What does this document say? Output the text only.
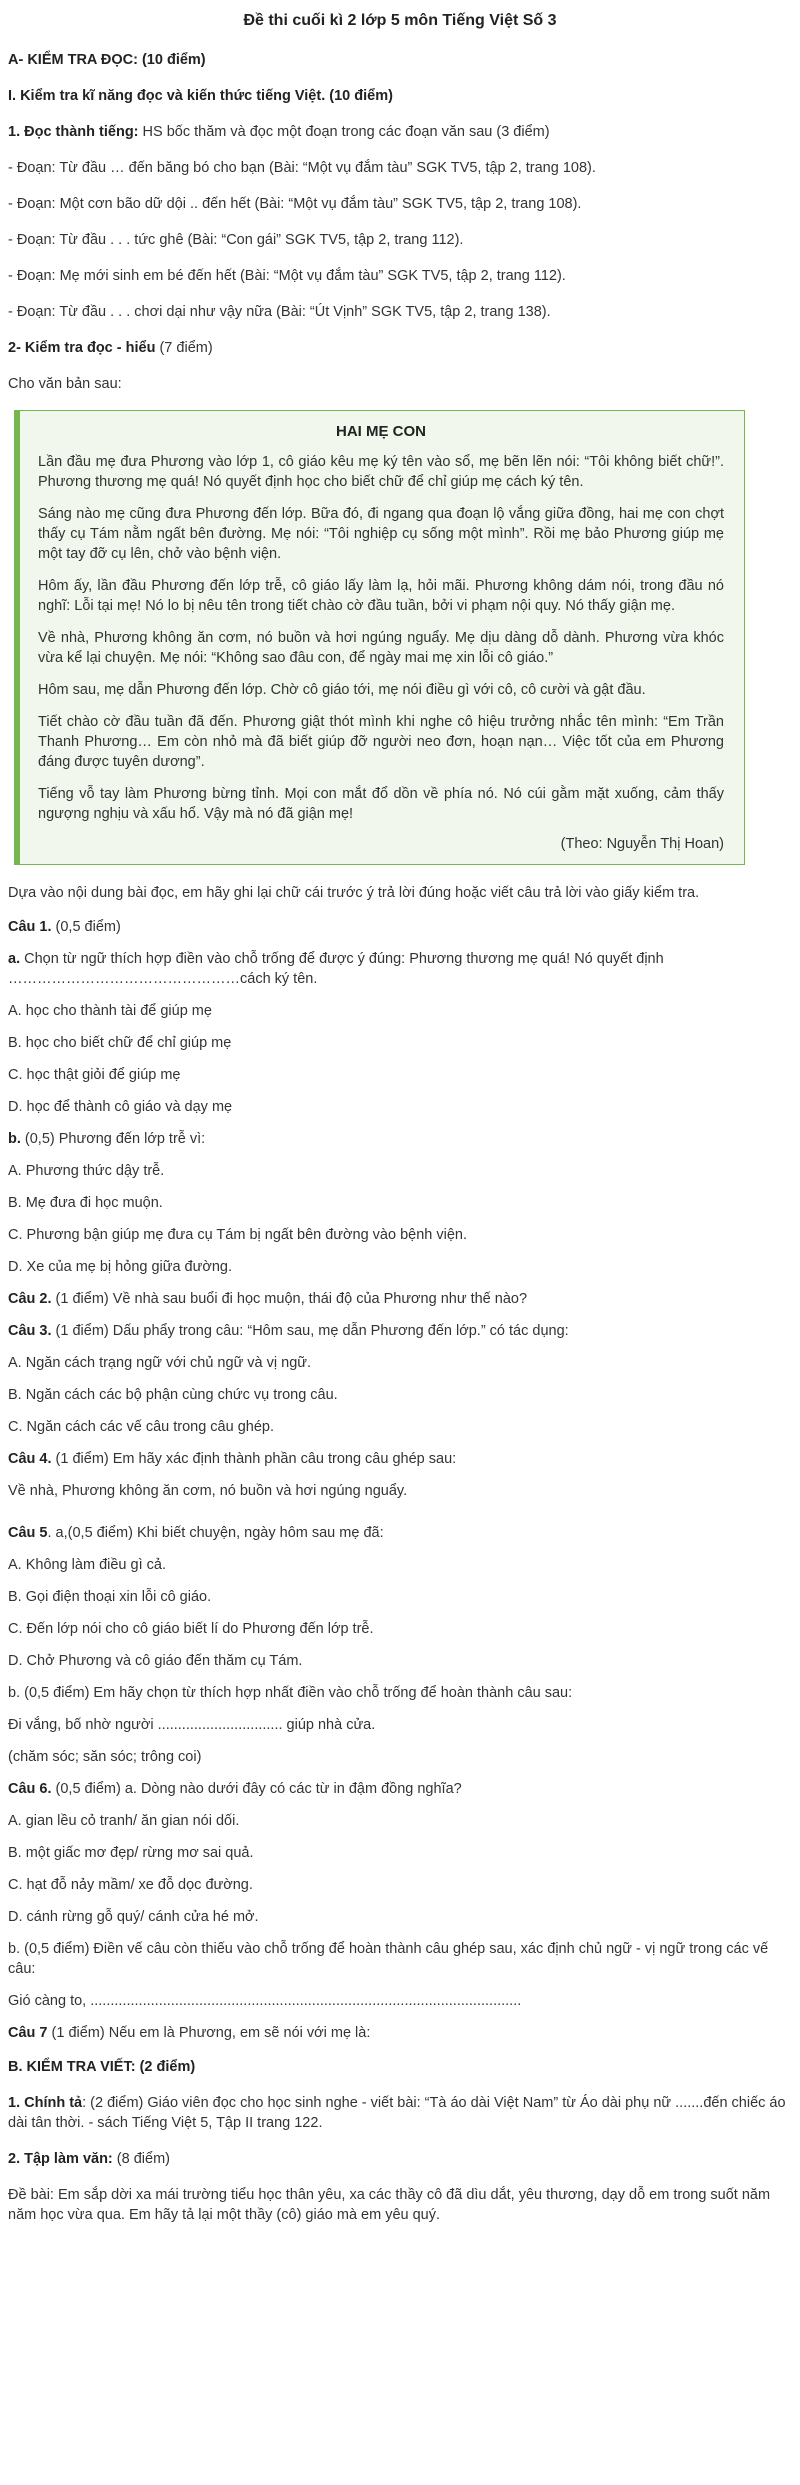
Đề thi cuối kì 2 lớp 5 môn Tiếng Việt Số 3

A- KIỂM TRA ĐỌC: (10 điểm)

I. Kiểm tra kĩ năng đọc và kiến thức tiếng Việt. (10 điểm)

1. Đọc thành tiếng: HS bốc thăm và đọc một đoạn trong các đoạn văn sau (3 điểm)

- Đoạn: Từ đầu … đến băng bó cho bạn (Bài: “Một vụ đắm tàu” SGK TV5, tập 2, trang 108).

- Đoạn: Một cơn bão dữ dội .. đến hết (Bài: “Một vụ đắm tàu” SGK TV5, tập 2, trang 108).

- Đoạn: Từ đầu . . . tức ghê (Bài: “Con gái” SGK TV5, tập 2, trang 112).

- Đoạn: Mẹ mới sinh em bé đến hết (Bài: “Một vụ đắm tàu” SGK TV5, tập 2, trang 112).

- Đoạn: Từ đầu . . . chơi dại như vậy nữa (Bài: “Út Vịnh” SGK TV5, tập 2, trang 138).

2- Kiểm tra đọc - hiểu (7 điểm)

Cho văn bản sau:

HAI MẸ CON

Lần đầu mẹ đưa Phương vào lớp 1, cô giáo kêu mẹ ký tên vào sổ, mẹ bẽn lẽn nói: “Tôi không biết chữ!”. Phương thương mẹ quá! Nó quyết định học cho biết chữ để chỉ giúp mẹ cách ký tên.

Sáng nào mẹ cũng đưa Phương đến lớp. Bữa đó, đi ngang qua đoạn lộ vắng giữa đồng, hai mẹ con chợt thấy cụ Tám nằm ngất bên đường. Mẹ nói: “Tôi nghiệp cụ sống một mình”. Rồi mẹ bảo Phương giúp mẹ một tay đỡ cụ lên, chở vào bệnh viện.

Hôm ấy, lần đầu Phương đến lớp trễ, cô giáo lấy làm lạ, hỏi mãi. Phương không dám nói, trong đầu nó nghĩ: Lỗi tại mẹ! Nó lo bị nêu tên trong tiết chào cờ đầu tuần, bởi vi phạm nội quy. Nó thấy giận mẹ.

Về nhà, Phương không ăn cơm, nó buồn và hơi ngúng nguẩy. Mẹ dịu dàng dỗ dành. Phương vừa khóc vừa kể lại chuyện. Mẹ nói: “Không sao đâu con, để ngày mai mẹ xin lỗi cô giáo.”

Hôm sau, mẹ dẫn Phương đến lớp. Chờ cô giáo tới, mẹ nói điều gì với cô, cô cười và gật đầu.

Tiết chào cờ đầu tuần đã đến. Phương giật thót mình khi nghe cô hiệu trưởng nhắc tên mình: “Em Trần Thanh Phương… Em còn nhỏ mà đã biết giúp đỡ người neo đơn, hoạn nạn… Việc tốt của em Phương đáng được tuyên dương”.

Tiếng vỗ tay làm Phương bừng tỉnh. Mọi con mắt đổ dồn về phía nó. Nó cúi gằm mặt xuống, cảm thấy ngượng nghịu và xấu hổ. Vậy mà nó đã giận mẹ!

(Theo: Nguyễn Thị Hoan)

Dựa vào nội dung bài đọc, em hãy ghi lại chữ cái trước ý trả lời đúng hoặc viết câu trả lời vào giấy kiểm tra.

Câu 1. (0,5 điểm)

a. Chọn từ ngữ thích hợp điền vào chỗ trống để được ý đúng: Phương thương mẹ quá! Nó quyết định …………………………………………cách ký tên.

A. học cho thành tài để giúp mẹ

B. học cho biết chữ để chỉ giúp mẹ

C. học thật giỏi để giúp mẹ

D. học để thành cô giáo và dạy mẹ

b. (0,5) Phương đến lớp trễ vì:

A. Phương thức dậy trễ.

B. Mẹ đưa đi học muộn.

C. Phương bận giúp mẹ đưa cụ Tám bị ngất bên đường vào bệnh viện.

D. Xe của mẹ bị hỏng giữa đường.

Câu 2. (1 điểm) Về nhà sau buổi đi học muộn, thái độ của Phương như thế nào?

Câu 3. (1 điểm) Dấu phẩy trong câu: “Hôm sau, mẹ dẫn Phương đến lớp.” có tác dụng:

A. Ngăn cách trạng ngữ với chủ ngữ và vị ngữ.

B. Ngăn cách các bộ phận cùng chức vụ trong câu.

C. Ngăn cách các vế câu trong câu ghép.

Câu 4. (1 điểm) Em hãy xác định thành phần câu trong câu ghép sau:

Về nhà, Phương không ăn cơm, nó buồn và hơi ngúng nguẩy.

Câu 5. a,(0,5 điểm) Khi biết chuyện, ngày hôm sau mẹ đã:

A. Không làm điều gì cả.

B. Gọi điện thoại xin lỗi cô giáo.

C. Đến lớp nói cho cô giáo biết lí do Phương đến lớp trễ.

D. Chở Phương và cô giáo đến thăm cụ Tám.

b. (0,5 điểm) Em hãy chọn từ thích hợp nhất điền vào chỗ trống để hoàn thành câu sau:

Đi vắng, bố nhờ người ............................... giúp nhà cửa.

(chăm sóc; săn sóc; trông coi)

Câu 6. (0,5 điểm) a. Dòng nào dưới đây có các từ in đậm đồng nghĩa?

A. gian lều cỏ tranh/ ăn gian nói dối.

B. một giấc mơ đẹp/ rừng mơ sai quả.

C. hạt đỗ nảy mầm/ xe đỗ dọc đường.

D. cánh rừng gỗ quý/ cánh cửa hé mở.

b. (0,5 điểm) Điền vế câu còn thiếu vào chỗ trống để hoàn thành câu ghép sau, xác định chủ ngữ - vị ngữ trong các vế câu:

Gió càng to, ...........................................................................................................

Câu 7 (1 điểm) Nếu em là Phương, em sẽ nói với mẹ là:

B. KIỂM TRA VIẾT: (2 điểm)

1. Chính tả: (2 điểm) Giáo viên đọc cho học sinh nghe - viết bài: “Tà áo dài Việt Nam” từ Áo dài phụ nữ .......đến chiếc áo dài tân thời. - sách Tiếng Việt 5, Tập II trang 122.

2. Tập làm văn: (8 điểm)

Đề bài: Em sắp dời xa mái trường tiểu học thân yêu, xa các thầy cô đã dìu dắt, yêu thương, dạy dỗ em trong suốt năm năm học vừa qua. Em hãy tả lại một thầy (cô) giáo mà em yêu quý.
